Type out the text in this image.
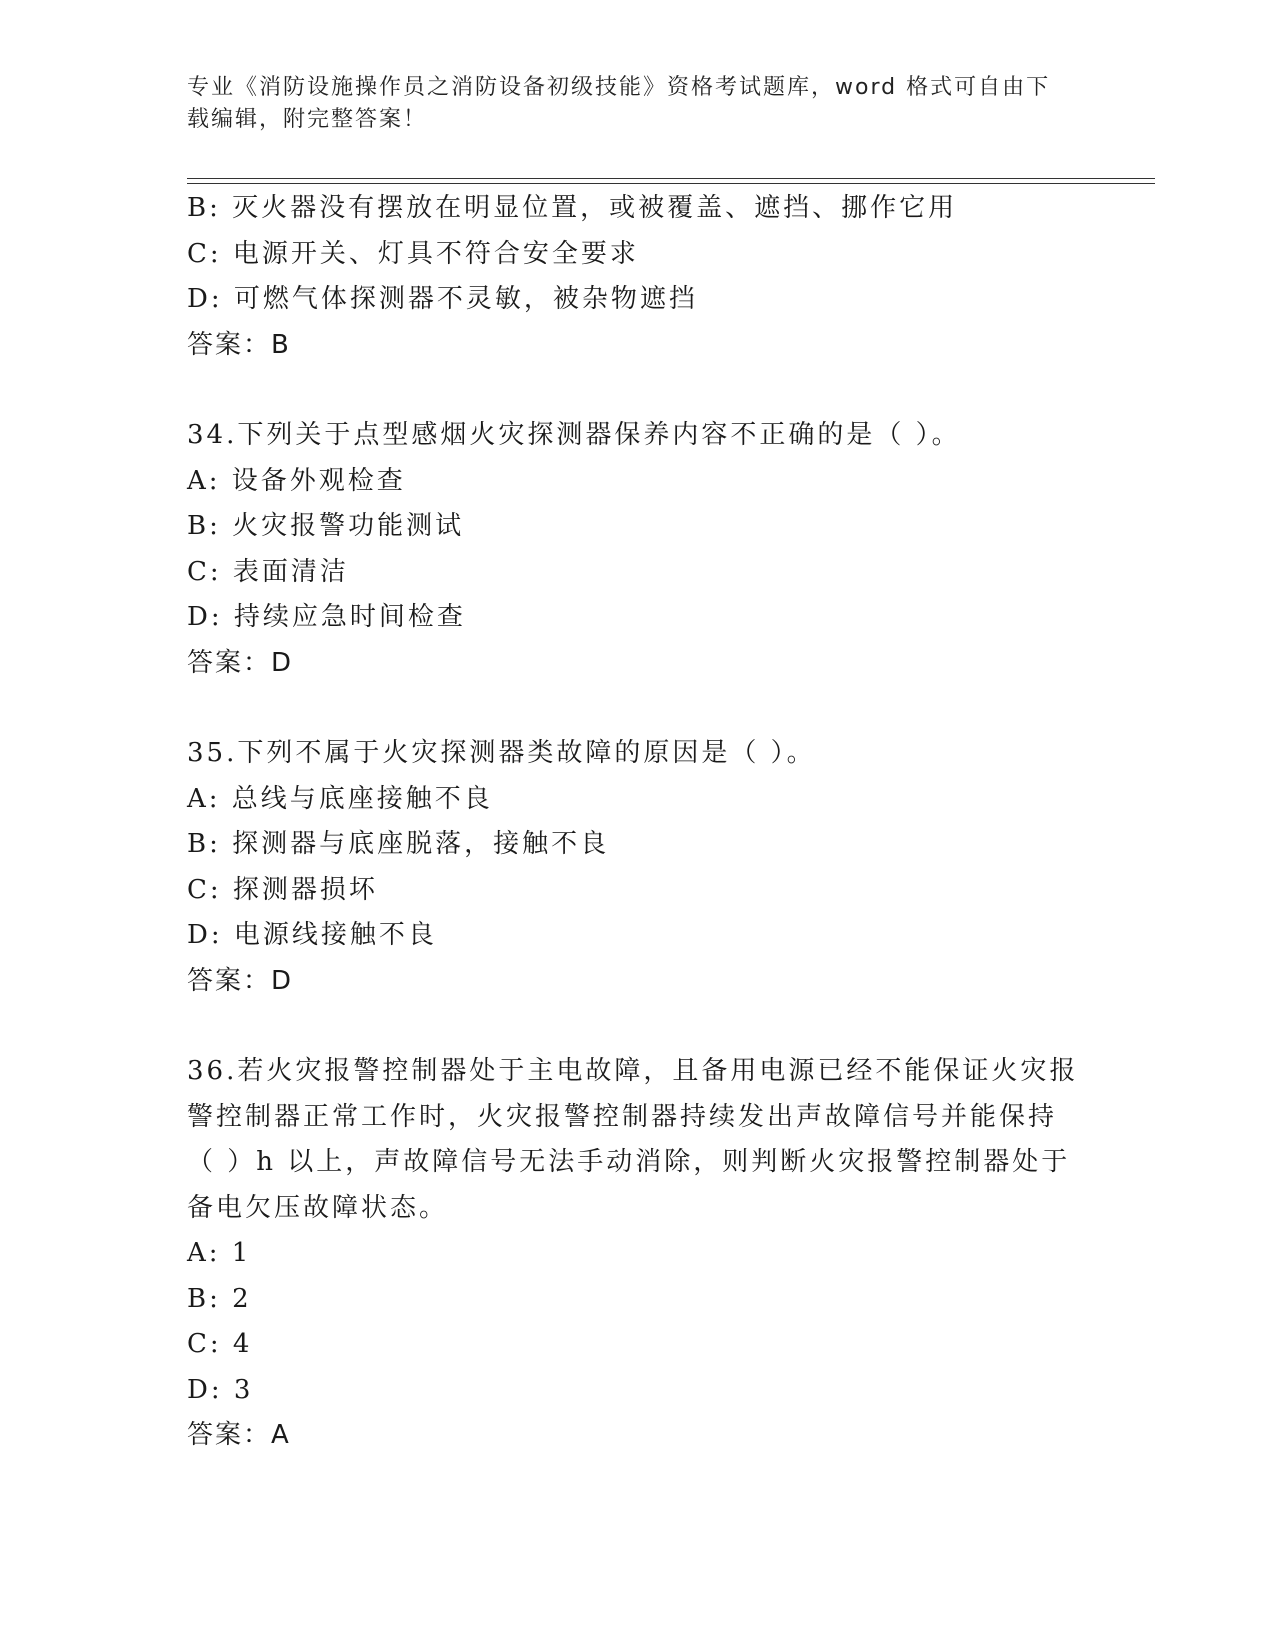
专业《消防设施操作员之消防设备初级技能》资格考试题库，word 格式可自由下
载编辑，附完整答案！
B: 灭火器没有摆放在明显位置，或被覆盖、遮挡、挪作它用
C: 电源开关、灯具不符合安全要求
D: 可燃气体探测器不灵敏，被杂物遮挡
答案：B
34.下列关于点型感烟火灾探测器保养内容不正确的是（ ）。
A: 设备外观检查
B: 火灾报警功能测试
C: 表面清洁
D: 持续应急时间检查
答案：D
35.下列不属于火灾探测器类故障的原因是（ ）。
A: 总线与底座接触不良
B: 探测器与底座脱落，接触不良
C: 探测器损坏
D: 电源线接触不良
答案：D
36.若火灾报警控制器处于主电故障，且备用电源已经不能保证火灾报
警控制器正常工作时，火灾报警控制器持续发出声故障信号并能保持
（ ）h 以上，声故障信号无法手动消除，则判断火灾报警控制器处于
备电欠压故障状态。
A: 1
B: 2
C: 4
D: 3
答案：A
